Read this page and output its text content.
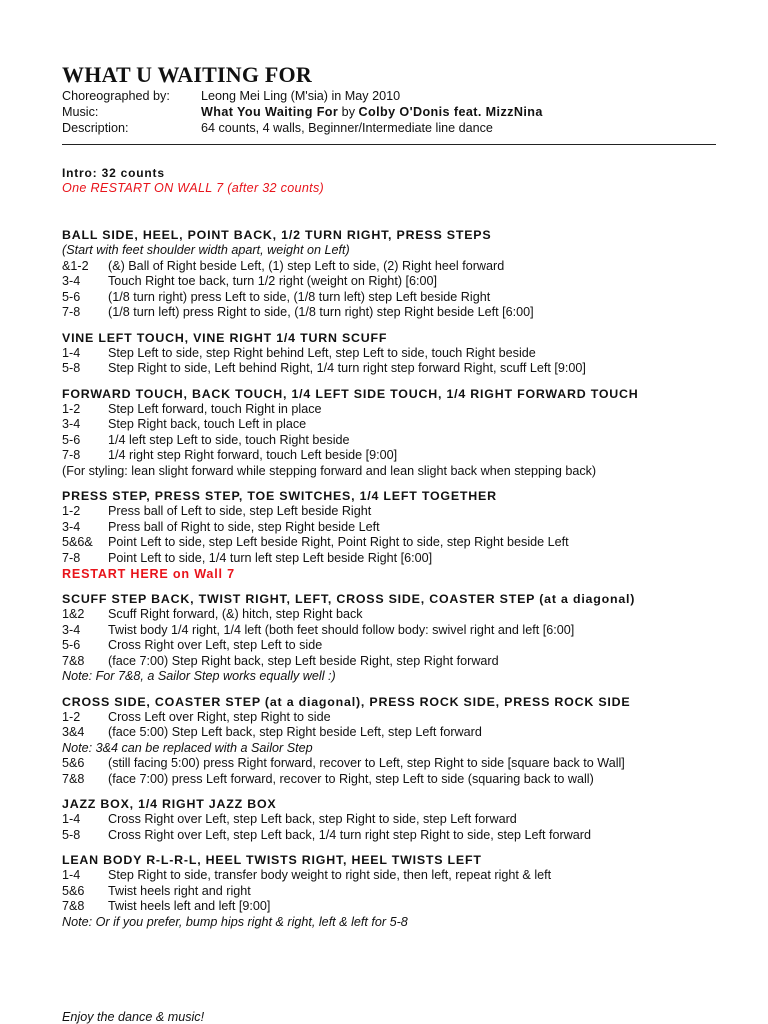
WHAT U WAITING FOR
Choreographed by: Leong Mei Ling (M'sia) in May 2010
Music:	What You Waiting For by Colby O'Donis feat. MizzNina
Description:	64 counts, 4 walls, Beginner/Intermediate line dance
Intro: 32 counts
One RESTART ON WALL 7 (after 32 counts)
BALL SIDE, HEEL, POINT BACK, 1/2 TURN RIGHT, PRESS STEPS
(Start with feet shoulder width apart, weight on Left)
&1-2	(&) Ball of Right beside Left, (1) step Left to side, (2) Right heel forward
3-4	Touch Right toe back, turn 1/2 right (weight on Right) [6:00]
5-6	(1/8 turn right) press Left to side, (1/8 turn left) step Left beside Right
7-8	(1/8 turn left) press Right to side, (1/8 turn right) step Right beside Left [6:00]
VINE LEFT TOUCH, VINE RIGHT 1/4 TURN SCUFF
1-4	Step Left to side, step Right behind Left, step Left to side, touch Right beside
5-8	Step Right to side, Left behind Right, 1/4 turn right step forward Right, scuff Left [9:00]
FORWARD TOUCH, BACK TOUCH, 1/4 LEFT SIDE TOUCH, 1/4 RIGHT FORWARD TOUCH
1-2	Step Left forward, touch Right in place
3-4	Step Right back, touch Left in place
5-6	1/4 left step Left to side, touch Right beside
7-8	1/4 right step Right forward, touch Left beside [9:00]
(For styling: lean slight forward while stepping forward and lean slight back when stepping back)
PRESS STEP, PRESS STEP, TOE SWITCHES, 1/4 LEFT TOGETHER
1-2	Press ball of Left to side, step Left beside Right
3-4	Press ball of Right to side, step Right beside Left
5&6&	Point Left to side, step Left beside Right, Point Right to side, step Right beside Left
7-8	Point Left to side, 1/4 turn left step Left beside Right [6:00]
RESTART HERE on Wall 7
SCUFF STEP BACK, TWIST RIGHT, LEFT, CROSS SIDE, COASTER STEP (at a diagonal)
1&2	Scuff Right forward, (&) hitch, step Right back
3-4	Twist body 1/4 right, 1/4 left (both feet should follow body: swivel right and left [6:00]
5-6	Cross Right over Left, step Left to side
7&8	(face 7:00) Step Right back, step Left beside Right, step Right forward
Note: For 7&8, a Sailor Step works equally well :)
CROSS SIDE, COASTER STEP (at a diagonal), PRESS ROCK SIDE, PRESS ROCK SIDE
1-2	Cross Left over Right, step Right to side
3&4	(face 5:00) Step Left back, step Right beside Left, step Left forward
Note: 3&4 can be replaced with a Sailor Step
5&6	(still facing 5:00) press Right forward, recover to Left, step Right to side [square back to Wall]
7&8	(face 7:00) press Left forward, recover to Right, step Left to side (squaring back to wall)
JAZZ BOX, 1/4 RIGHT JAZZ BOX
1-4	Cross Right over Left, step Left back, step Right to side, step Left forward
5-8	Cross Right over Left, step Left back, 1/4 turn right step Right to side, step Left forward
LEAN BODY R-L-R-L, HEEL TWISTS RIGHT, HEEL TWISTS LEFT
1-4	Step Right to side, transfer body weight to right side, then left, repeat right & left
5&6	Twist heels right and right
7&8	Twist heels left and left [9:00]
Note: Or if you prefer, bump hips right & right, left & left for 5-8
Enjoy the dance & music!
